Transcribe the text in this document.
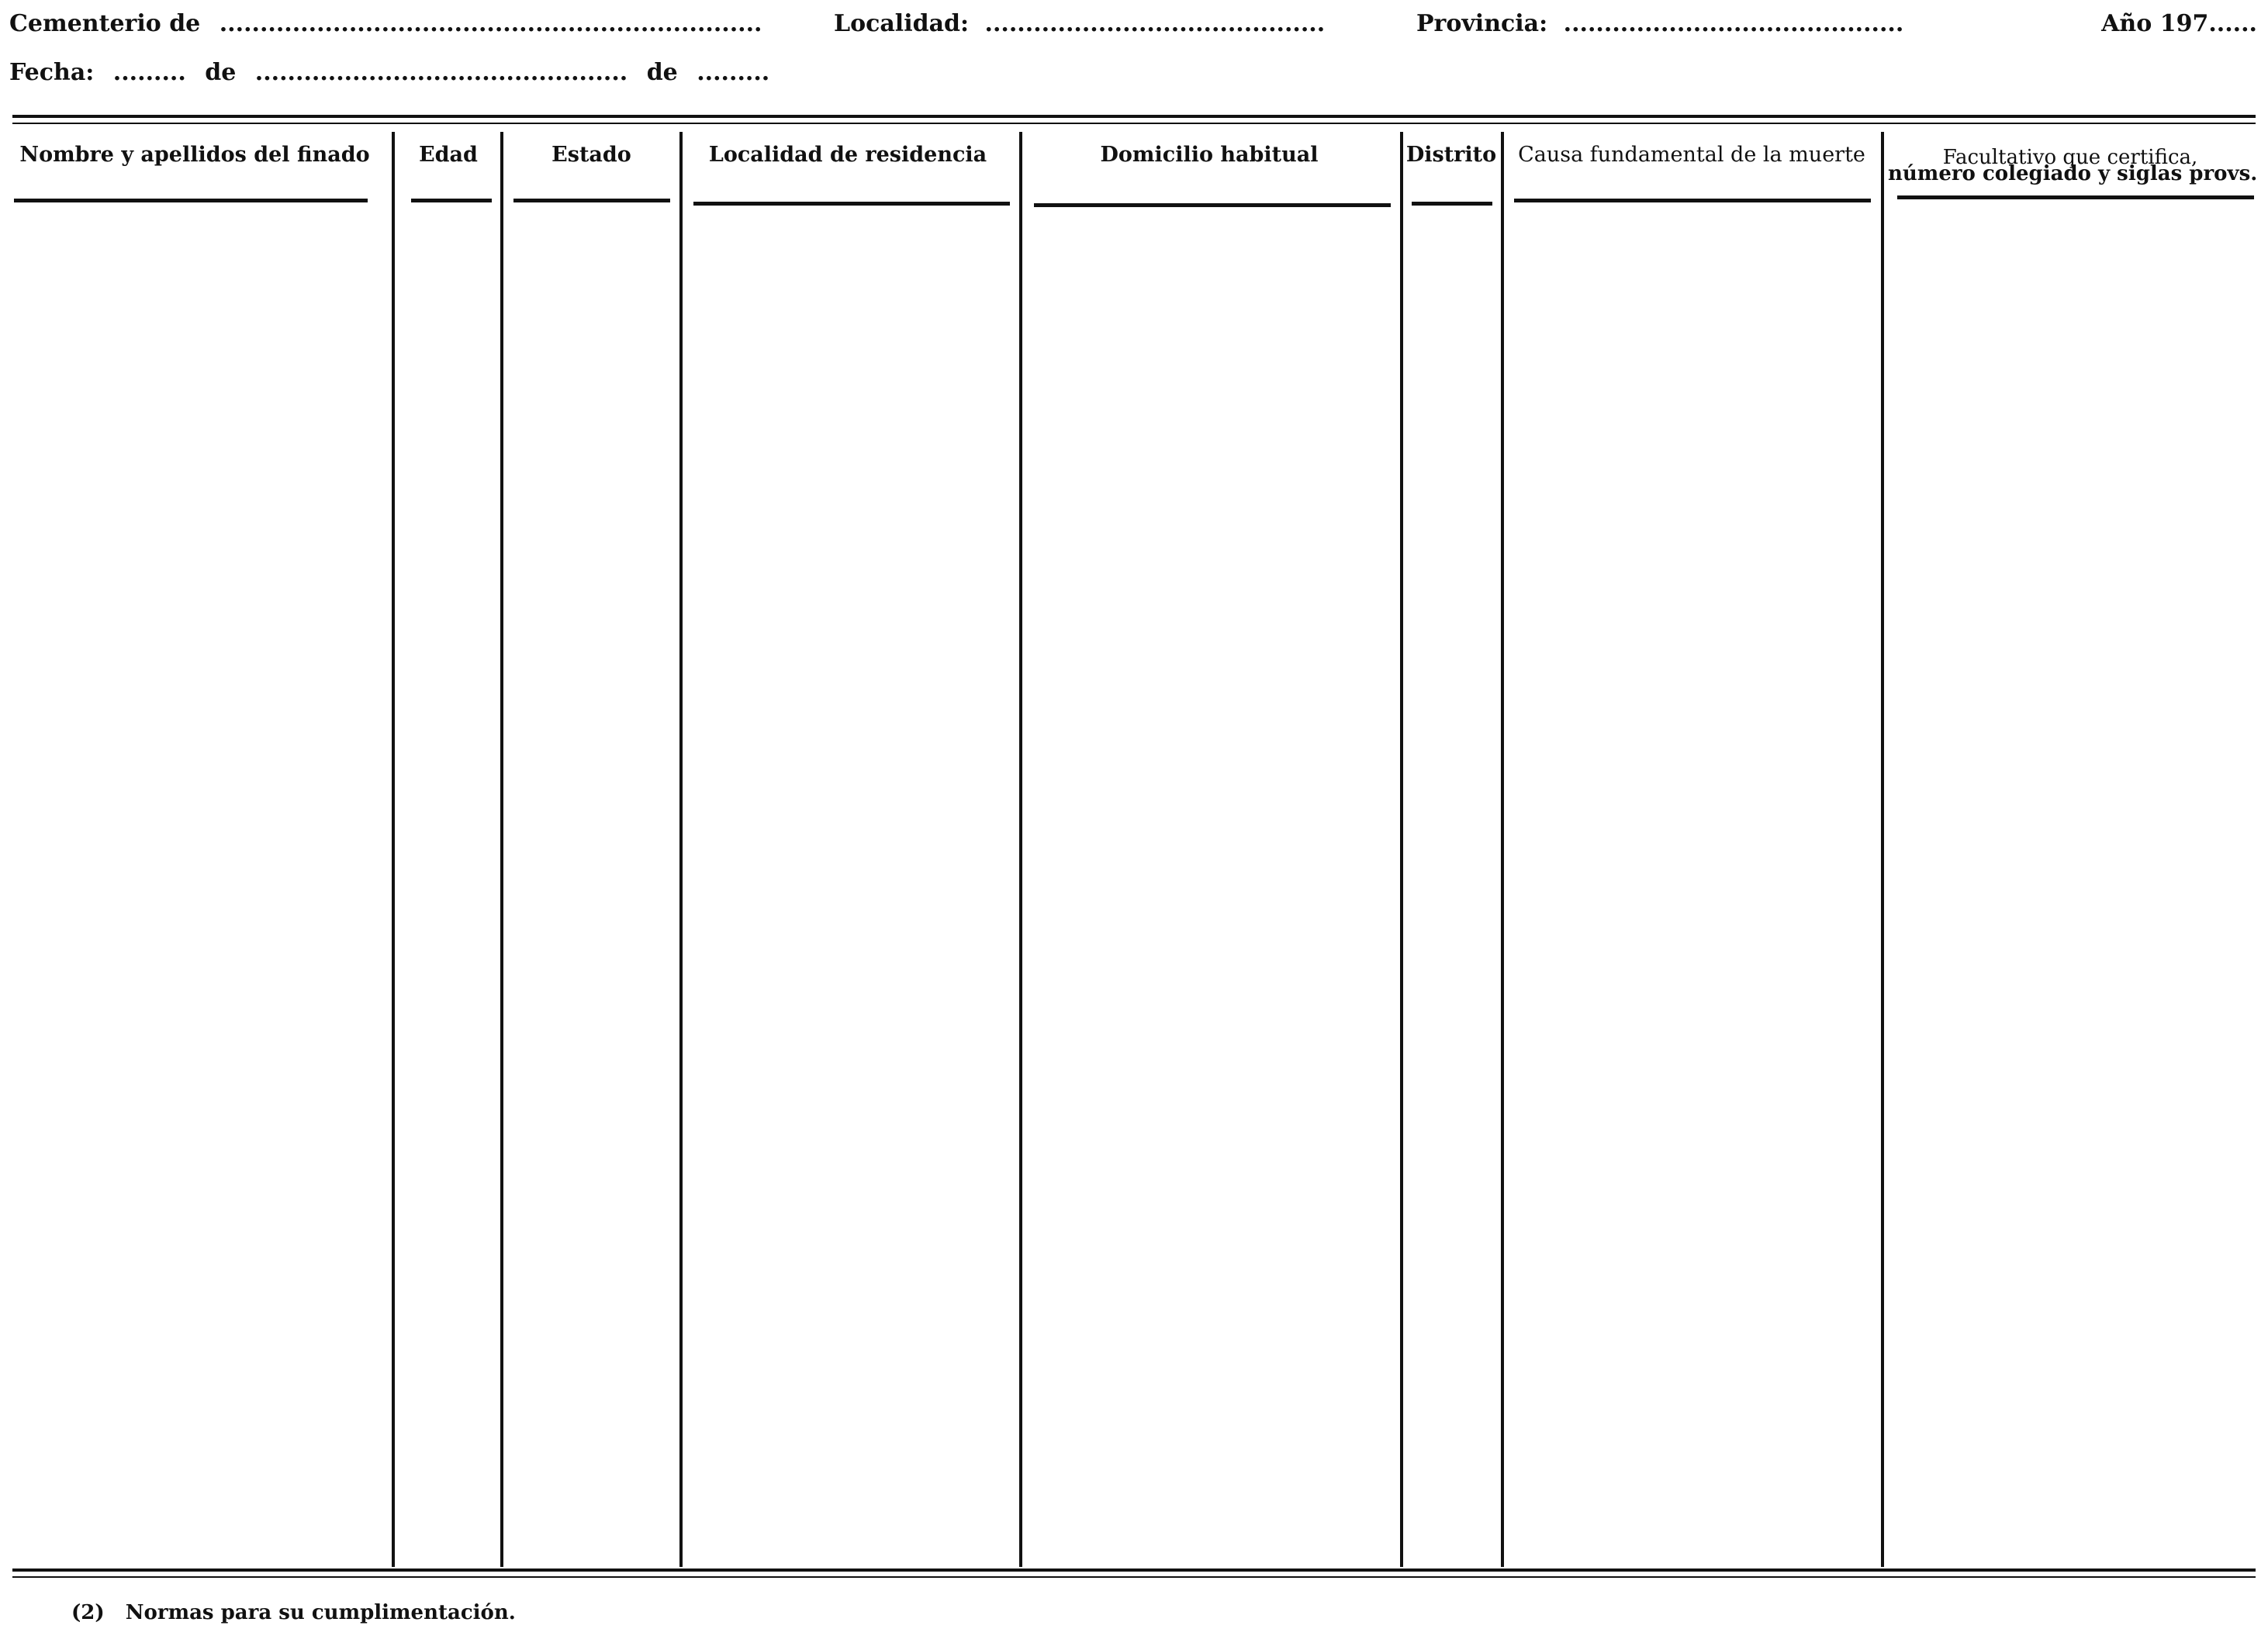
Cementerio de ...................................................................	Localidad: ..........................................	Provincia: ..........................................	Año 197......
Fecha: ......... de .............................................. de .........
Nombre y apellidos del finado	Edad	Estado	Localidad de residencia	Domicilio habitual	Distrito	Causa fundamental de la muerte	Facultativo que certifica,
número colegiado y siglas provs.
(2) Normas para su cumplimentación.
